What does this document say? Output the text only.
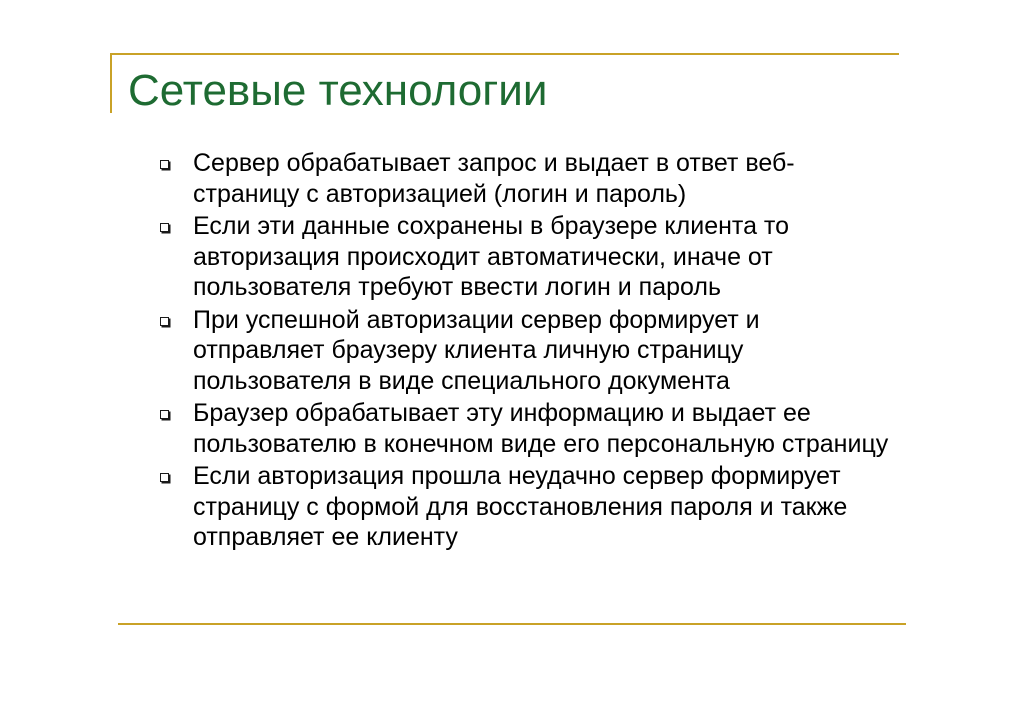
Сетевые технологии
Сервер обрабатывает запрос и выдает в ответ веб-страницу с авторизацией (логин и пароль)
Если эти данные сохранены в браузере клиента то авторизация происходит автоматически, иначе от пользователя требуют ввести логин и пароль
При успешной авторизации сервер формирует и отправляет браузеру клиента личную страницу пользователя в виде специального документа
Браузер обрабатывает эту информацию и выдает ее пользователю в конечном виде его персональную страницу
Если авторизация прошла неудачно сервер формирует страницу с формой для восстановления пароля и также отправляет ее клиенту
